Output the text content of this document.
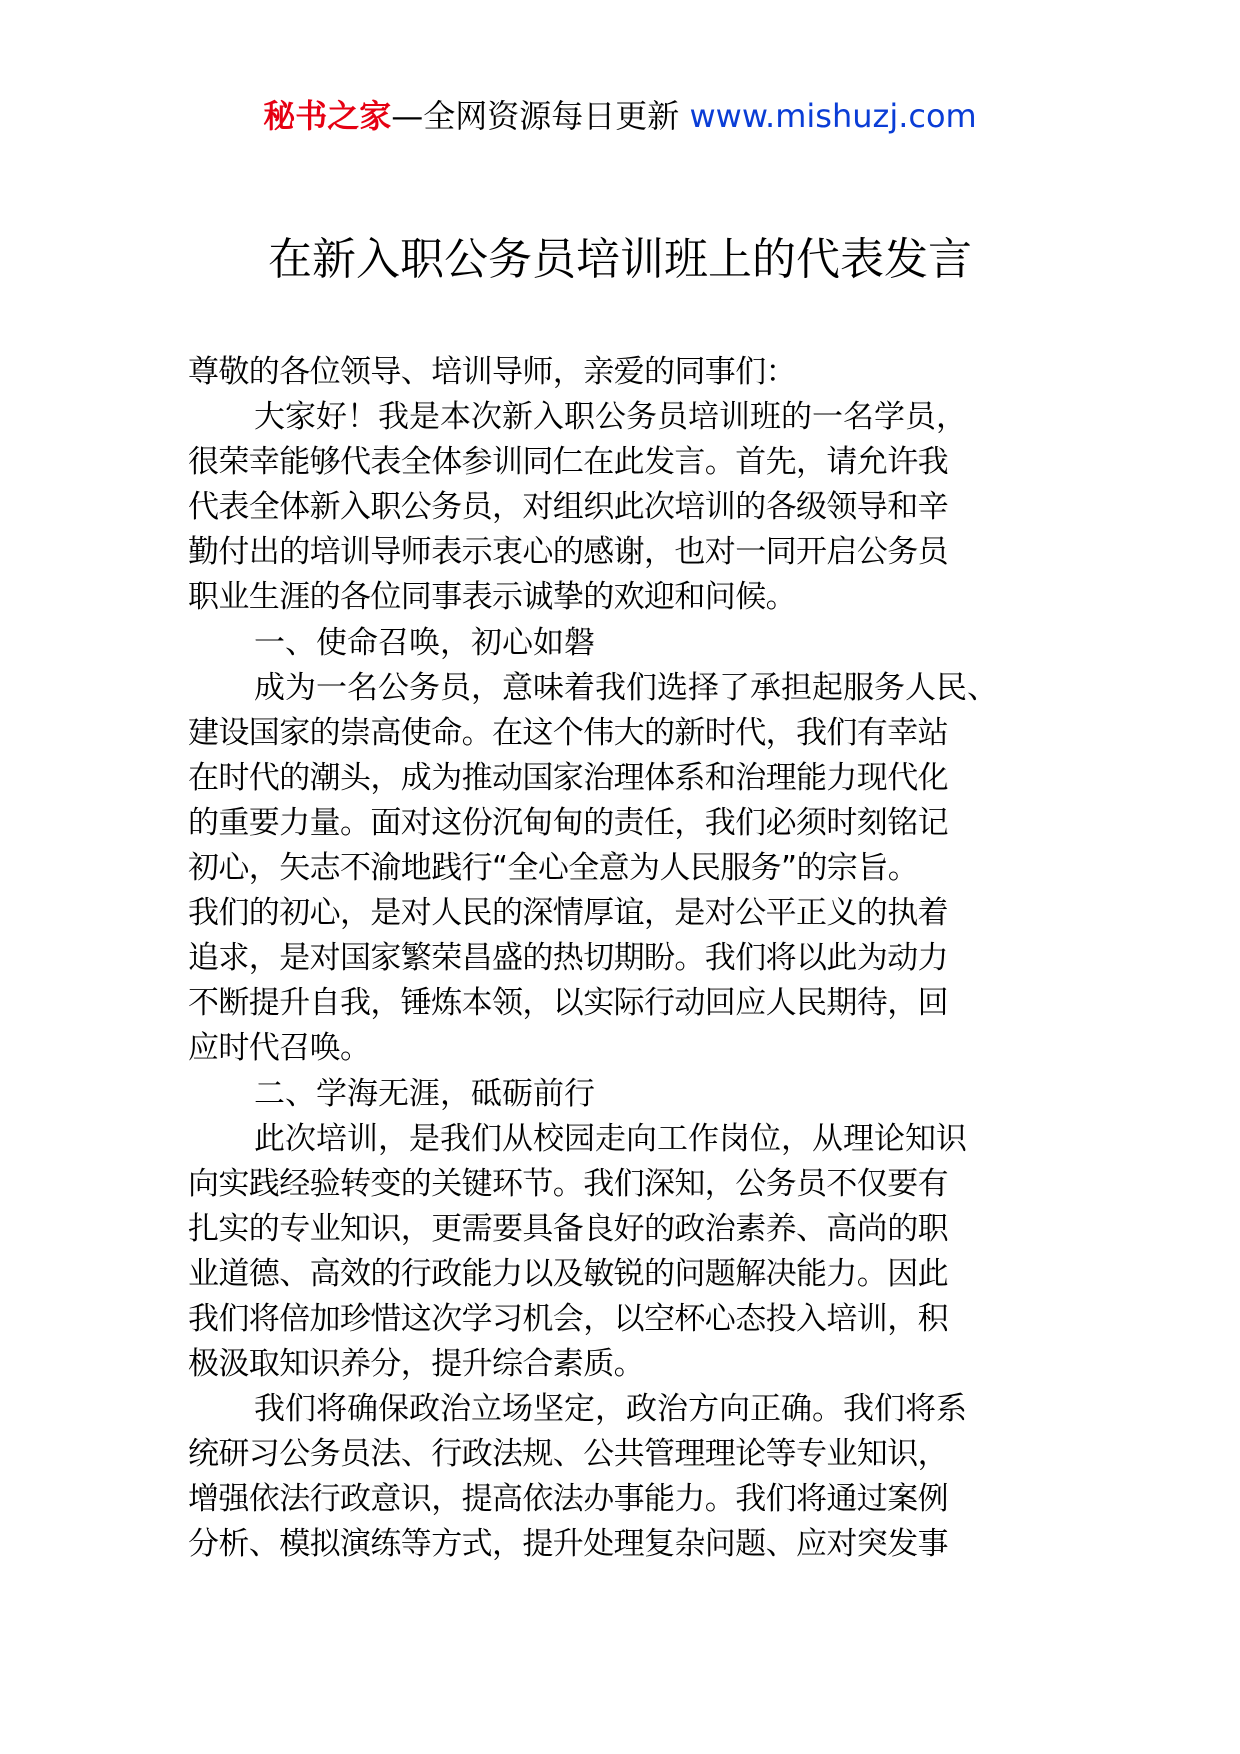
秘书之家—全网资源每日更新 www.mishuzj.com
在新入职公务员培训班上的代表发言
尊敬的各位领导、培训导师，亲爱的同事们：
大家好！我是本次新入职公务员培训班的一名学员，
很荣幸能够代表全体参训同仁在此发言。首先，请允许我
代表全体新入职公务员，对组织此次培训的各级领导和辛
勤付出的培训导师表示衷心的感谢，也对一同开启公务员
职业生涯的各位同事表示诚挚的欢迎和问候。
一、使命召唤，初心如磐
成为一名公务员，意味着我们选择了承担起服务人民、
建设国家的崇高使命。在这个伟大的新时代，我们有幸站
在时代的潮头，成为推动国家治理体系和治理能力现代化
的重要力量。面对这份沉甸甸的责任，我们必须时刻铭记
初心，矢志不渝地践行“全心全意为人民服务”的宗旨。
我们的初心，是对人民的深情厚谊，是对公平正义的执着
追求，是对国家繁荣昌盛的热切期盼。我们将以此为动力
不断提升自我，锤炼本领，以实际行动回应人民期待，回
应时代召唤。
二、学海无涯，砥砺前行
此次培训，是我们从校园走向工作岗位，从理论知识
向实践经验转变的关键环节。我们深知，公务员不仅要有
扎实的专业知识，更需要具备良好的政治素养、高尚的职
业道德、高效的行政能力以及敏锐的问题解决能力。因此
我们将倍加珍惜这次学习机会，以空杯心态投入培训，积
极汲取知识养分，提升综合素质。
我们将确保政治立场坚定，政治方向正确。我们将系
统研习公务员法、行政法规、公共管理理论等专业知识，
增强依法行政意识，提高依法办事能力。我们将通过案例
分析、模拟演练等方式，提升处理复杂问题、应对突发事
